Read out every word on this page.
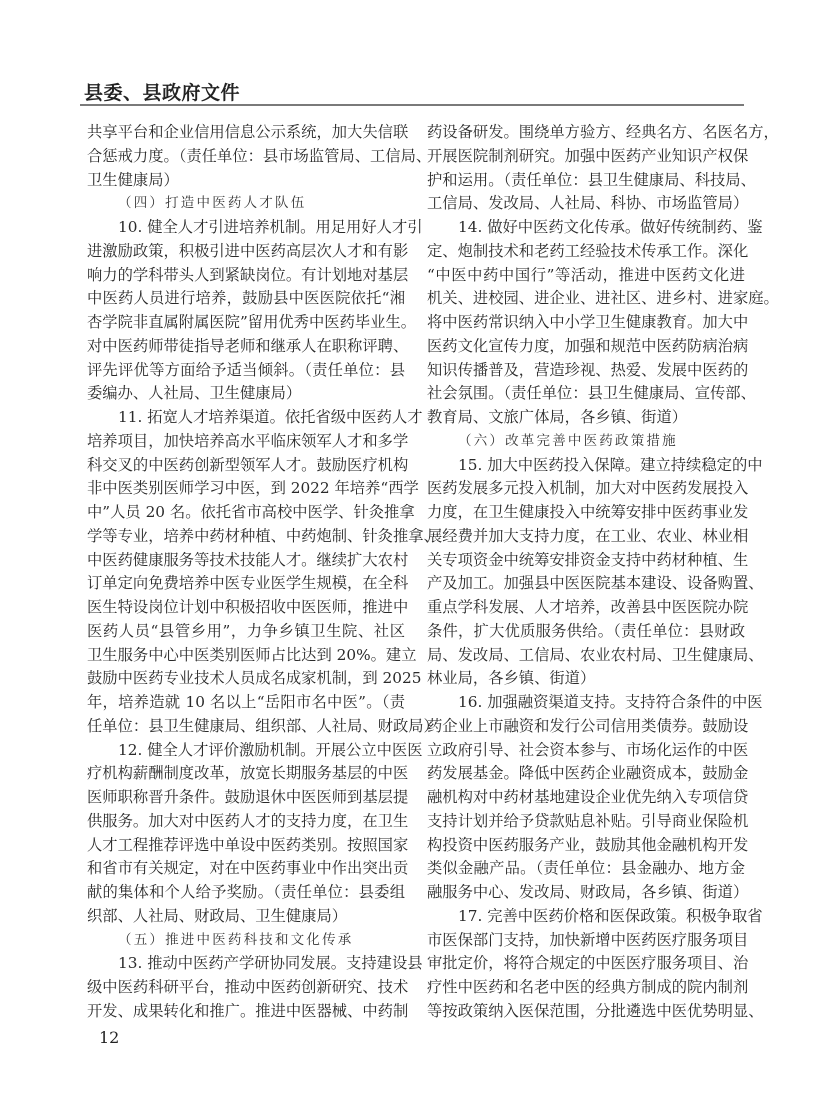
县委、县政府文件
共享平台和企业信用信息公示系统，加大失信联
合惩戒力度。（责任单位：县市场监管局、工信局、
卫生健康局）
（四）打造中医药人才队伍
10. 健全人才引进培养机制。用足用好人才引
进激励政策，积极引进中医药高层次人才和有影
响力的学科带头人到紧缺岗位。有计划地对基层
中医药人员进行培养，鼓励县中医医院依托“湘
杏学院非直属附属医院”留用优秀中医药毕业生。
对中医药师带徒指导老师和继承人在职称评聘、
评先评优等方面给予适当倾斜。（责任单位：县
委编办、人社局、卫生健康局）
11. 拓宽人才培养渠道。依托省级中医药人才
培养项目，加快培养高水平临床领军人才和多学
科交叉的中医药创新型领军人才。鼓励医疗机构
非中医类别医师学习中医，到 2022 年培养“西学
中”人员 20 名。依托省市高校中医学、针灸推拿
学等专业，培养中药材种植、中药炮制、针灸推拿、
中医药健康服务等技术技能人才。继续扩大农村
订单定向免费培养中医专业医学生规模，在全科
医生特设岗位计划中积极招收中医医师，推进中
医药人员“县管乡用”，力争乡镇卫生院、社区
卫生服务中心中医类别医师占比达到 20%。建立
鼓励中医药专业技术人员成名成家机制，到 2025
年，培养造就 10 名以上“岳阳市名中医”。（责
任单位：县卫生健康局、组织部、人社局、财政局）
12. 健全人才评价激励机制。开展公立中医医
疗机构薪酬制度改革，放宽长期服务基层的中医
医师职称晋升条件。鼓励退休中医医师到基层提
供服务。加大对中医药人才的支持力度，在卫生
人才工程推荐评选中单设中医药类别。按照国家
和省市有关规定，对在中医药事业中作出突出贡
献的集体和个人给予奖励。（责任单位：县委组
织部、人社局、财政局、卫生健康局）
（五）推进中医药科技和文化传承
13. 推动中医药产学研协同发展。支持建设县
级中医药科研平台，推动中医药创新研究、技术
开发、成果转化和推广。推进中医器械、中药制
药设备研发。围绕单方验方、经典名方、名医名方，
开展医院制剂研究。加强中医药产业知识产权保
护和运用。（责任单位：县卫生健康局、科技局、
工信局、发改局、人社局、科协、市场监管局）
14. 做好中医药文化传承。做好传统制药、鉴
定、炮制技术和老药工经验技术传承工作。深化
“中医中药中国行”等活动，推进中医药文化进
机关、进校园、进企业、进社区、进乡村、进家庭。
将中医药常识纳入中小学卫生健康教育。加大中
医药文化宣传力度，加强和规范中医药防病治病
知识传播普及，营造珍视、热爱、发展中医药的
社会氛围。（责任单位：县卫生健康局、宣传部、
教育局、文旅广体局，各乡镇、街道）
（六）改革完善中医药政策措施
15. 加大中医药投入保障。建立持续稳定的中
医药发展多元投入机制，加大对中医药发展投入
力度，在卫生健康投入中统筹安排中医药事业发
展经费并加大支持力度，在工业、农业、林业相
关专项资金中统筹安排资金支持中药材种植、生
产及加工。加强县中医医院基本建设、设备购置、
重点学科发展、人才培养，改善县中医医院办院
条件，扩大优质服务供给。（责任单位：县财政
局、发改局、工信局、农业农村局、卫生健康局、
林业局，各乡镇、街道）
16. 加强融资渠道支持。支持符合条件的中医
药企业上市融资和发行公司信用类债券。鼓励设
立政府引导、社会资本参与、市场化运作的中医
药发展基金。降低中医药企业融资成本，鼓励金
融机构对中药材基地建设企业优先纳入专项信贷
支持计划并给予贷款贴息补贴。引导商业保险机
构投资中医药服务产业，鼓励其他金融机构开发
类似金融产品。（责任单位：县金融办、地方金
融服务中心、发改局、财政局，各乡镇、街道）
17. 完善中医药价格和医保政策。积极争取省
市医保部门支持，加快新增中医药医疗服务项目
审批定价，将符合规定的中医医疗服务项目、治
疗性中医药和名老中医的经典方制成的院内制剂
等按政策纳入医保范围，分批遴选中医优势明显、
12
